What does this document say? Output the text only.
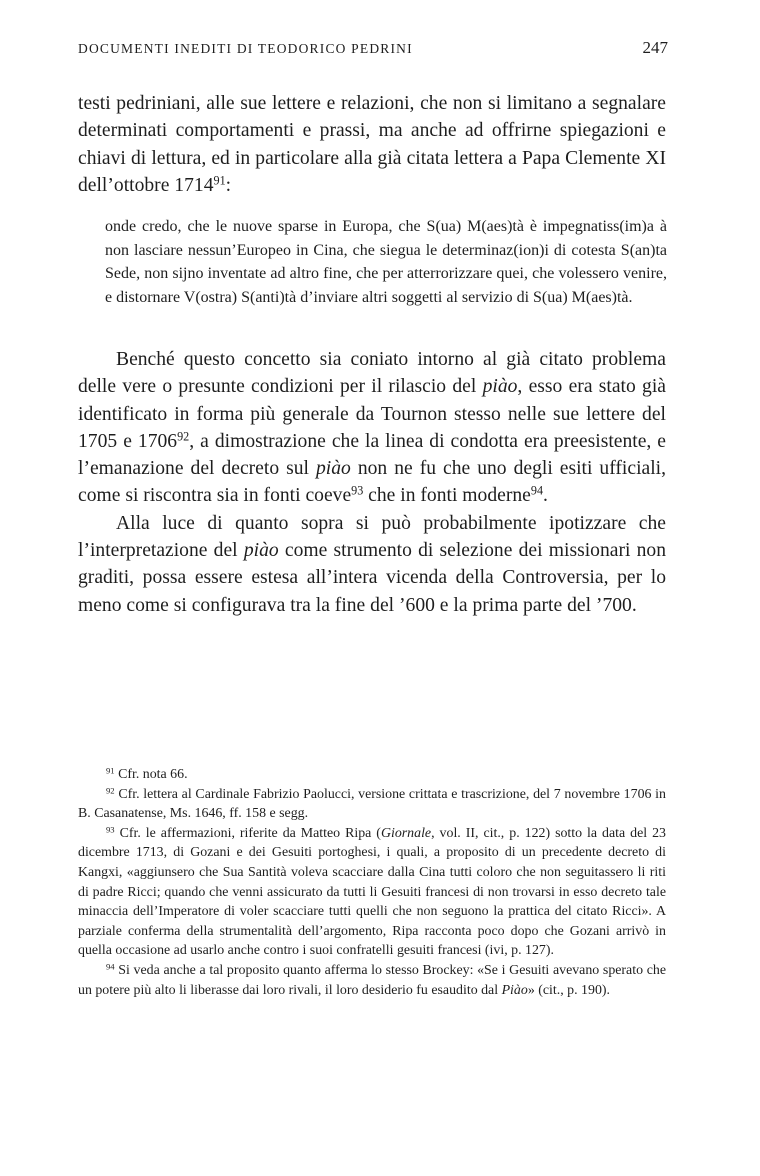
DOCUMENTI INEDITI DI TEODORICO PEDRINI	247

testi pedriniani, alle sue lettere e relazioni, che non si limitano a segnalare determinati comportamenti e prassi, ma anche ad offrirne spiegazioni e chiavi di lettura, ed in particolare alla già citata lettera a Papa Clemente XI dell’ottobre 1714$^{91}$:

onde credo, che le nuove sparse in Europa, che S(ua) M(aes)tà è impegnatiss(im)a à non lasciare nessun’Europeo in Cina, che siegua le determinaz(ion)i di cotesta S(an)ta Sede, non sijno inventate ad altro fine, che per atterrorizzare quei, che volessero venire, e distornare V(ostra) S(anti)tà d’inviare altri soggetti al servizio di S(ua) M(aes)tà.

Benché questo concetto sia coniato intorno al già citato problema delle vere o presunte condizioni per il rilascio del piào, esso era stato già identificato in forma più generale da Tournon stesso nelle sue lettere del 1705 e 1706$^{92}$, a dimostrazione che la linea di condotta era preesistente, e l’emanazione del decreto sul piào non ne fu che uno degli esiti ufficiali, come si riscontra sia in fonti coeve$^{93}$ che in fonti moderne$^{94}$.

Alla luce di quanto sopra si può probabilmente ipotizzare che l’interpretazione del piào come strumento di selezione dei missionari non graditi, possa essere estesa all’intera vicenda della Controversia, per lo meno come si configurava tra la fine del ’600 e la prima parte del ’700.

$^{91}$ Cfr. nota 66.

$^{92}$ Cfr. lettera al Cardinale Fabrizio Paolucci, versione crittata e trascrizione, del 7 novembre 1706 in B. Casanatense, Ms. 1646, ff. 158 e segg.

$^{93}$ Cfr. le affermazioni, riferite da Matteo Ripa (Giornale, vol. II, cit., p. 122) sotto la data del 23 dicembre 1713, di Gozani e dei Gesuiti portoghesi, i quali, a proposito di un precedente decreto di Kangxi, «aggiunsero che Sua Santità voleva scacciare dalla Cina tutti coloro che non seguitassero li riti di padre Ricci; quando che venni assicurato da tutti li Gesuiti francesi di non trovarsi in esso decreto tale minaccia dell’Imperatore di voler scacciare tutti quelli che non seguono la prattica del citato Ricci». A parziale conferma della strumentalità dell’argomento, Ripa racconta poco dopo che Gozani arrivò in quella occasione ad usarlo anche contro i suoi confratelli gesuiti francesi (ivi, p. 127).

$^{94}$ Si veda anche a tal proposito quanto afferma lo stesso Brockey: «Se i Gesuiti avevano sperato che un potere più alto li liberasse dai loro rivali, il loro desiderio fu esaudito dal Piào» (cit., p. 190).
